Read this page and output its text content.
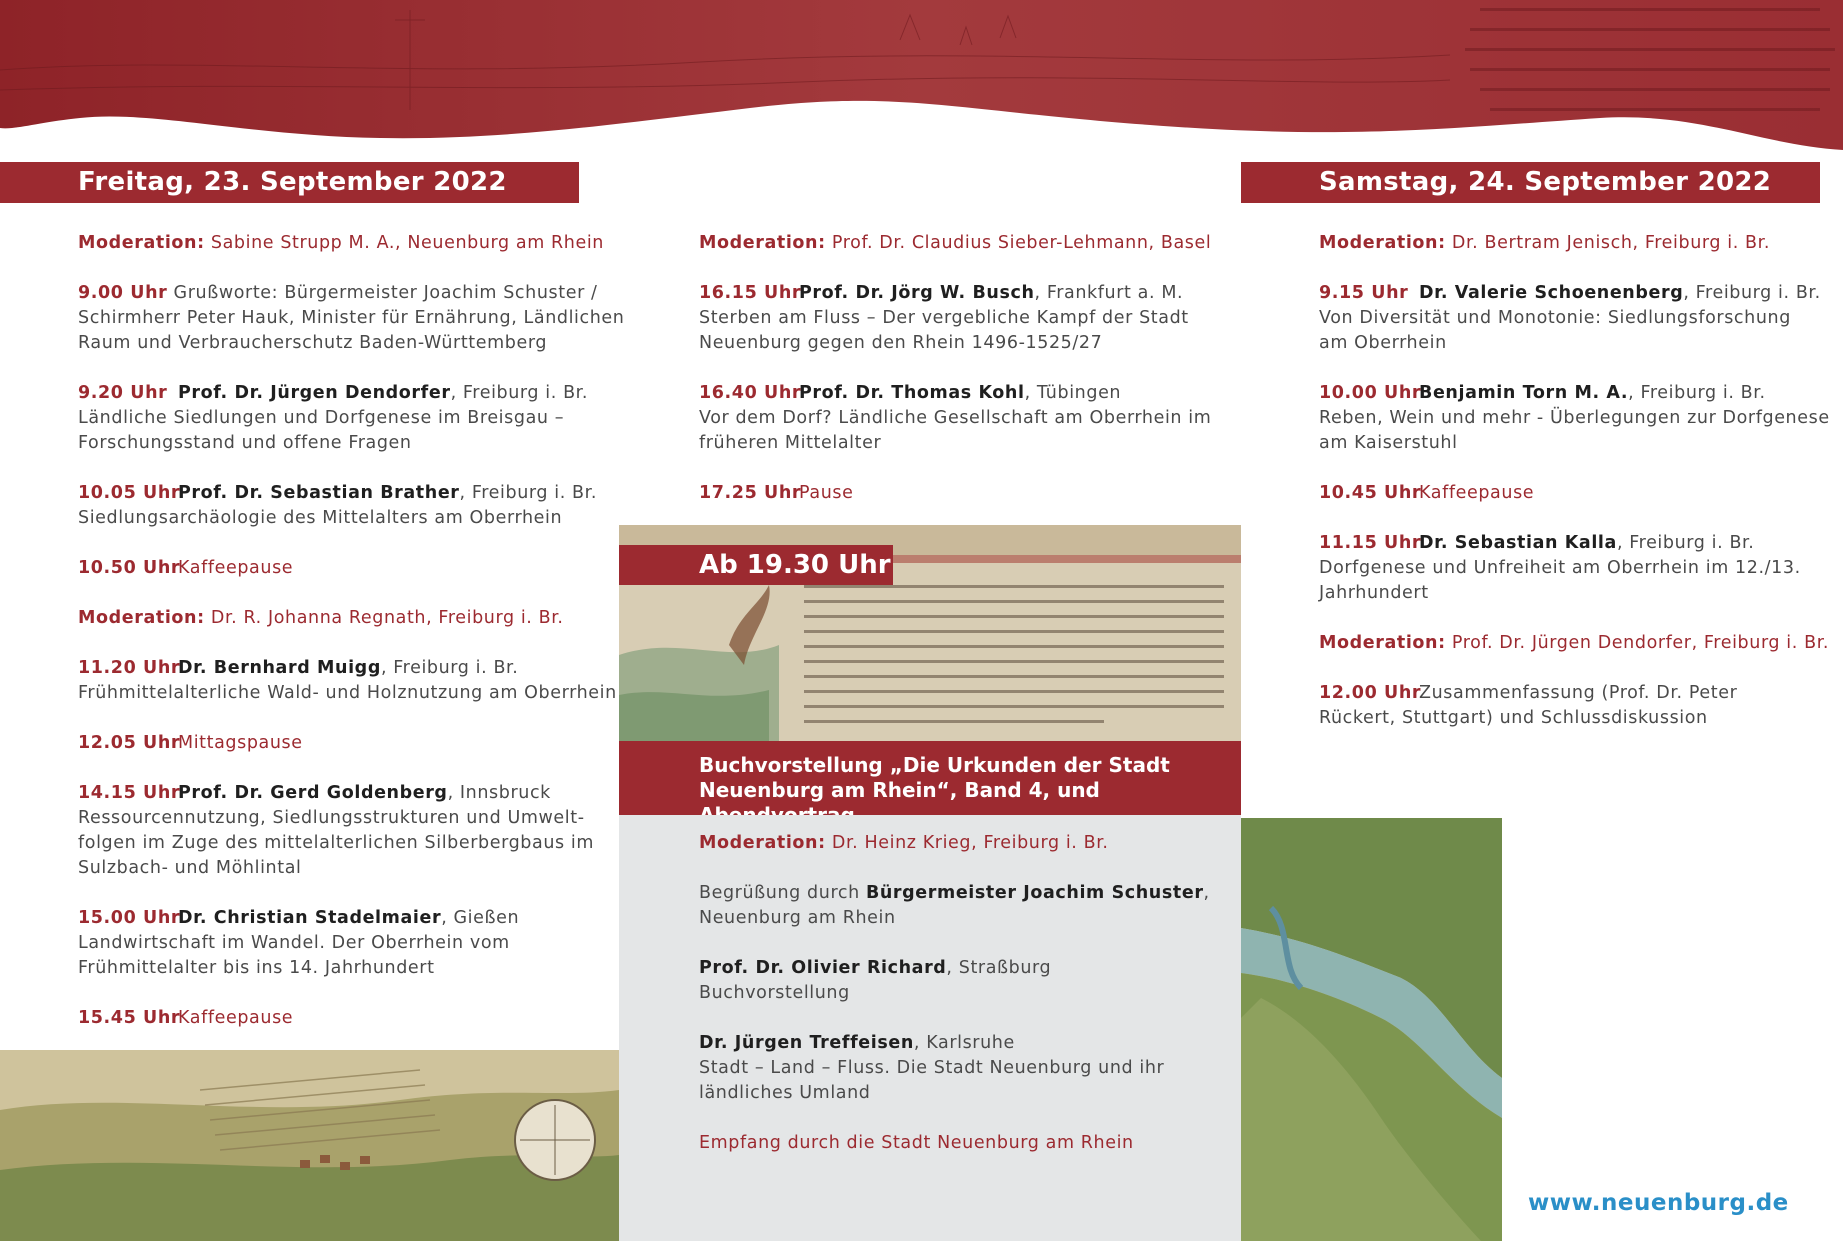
Freitag, 23. September 2022	Samstag, 24. September 2022
Moderation: Sabine Strupp M. A., Neuenburg am Rhein
9.00 Uhr Grußworte: Bürgermeister Joachim Schuster /
Schirmherr Peter Hauk, Minister für Ernährung, Ländlichen
Raum und Verbraucherschutz Baden-Württemberg
9.20 Uhr Prof. Dr. Jürgen Dendorfer, Freiburg i. Br.
Ländliche Siedlungen und Dorfgenese im Breisgau –
Forschungsstand und offene Fragen
10.05 UhrProf. Dr. Sebastian Brather, Freiburg i. Br.
Siedlungsarchäologie des Mittelalters am Oberrhein
10.50 UhrKaffeepause
Moderation: Dr. R. Johanna Regnath, Freiburg i. Br.
11.20 UhrDr. Bernhard Muigg, Freiburg i. Br.
Frühmittelalterliche Wald- und Holznutzung am Oberrhein
12.05 UhrMittagspause
14.15 UhrProf. Dr. Gerd Goldenberg, Innsbruck
Ressourcennutzung, Siedlungsstrukturen und Umwelt-
folgen im Zuge des mittelalterlichen Silberbergbaus im
Sulzbach- und Möhlintal
15.00 UhrDr. Christian Stadelmaier, Gießen
Landwirtschaft im Wandel. Der Oberrhein vom
Frühmittelalter bis ins 14. Jahrhundert
15.45 UhrKaffeepause
Moderation: Prof. Dr. Claudius Sieber-Lehmann, Basel
16.15 UhrProf. Dr. Jörg W. Busch, Frankfurt a. M.
Sterben am Fluss – Der vergebliche Kampf der Stadt
Neuenburg gegen den Rhein 1496-1525/27
16.40 UhrProf. Dr. Thomas Kohl, Tübingen
Vor dem Dorf? Ländliche Gesellschaft am Oberrhein im
früheren Mittelalter
17.25 UhrPause
Ab 19.30 Uhr
Buchvorstellung „Die Urkunden der Stadt
Neuenburg am Rhein“, Band 4, und
Moderation: Dr. Heinz Krieg, Freiburg i. Br.
Begrüßung durch Bürgermeister Joachim Schuster,
Neuenburg am Rhein
Prof. Dr. Olivier Richard, Straßburg
Buchvorstellung
Dr. Jürgen Treffeisen, Karlsruhe
Stadt – Land – Fluss. Die Stadt Neuenburg und ihr
ländliches Umland
Empfang durch die Stadt Neuenburg am Rhein
Moderation: Dr. Bertram Jenisch, Freiburg i. Br.
9.15 Uhr Dr. Valerie Schoenenberg, Freiburg i. Br.
Von Diversität und Monotonie: Siedlungsforschung
am Oberrhein
10.00 UhrBenjamin Torn M. A., Freiburg i. Br.
Reben, Wein und mehr - Überlegungen zur Dorfgenese
am Kaiserstuhl
10.45 UhrKaffeepause
11.15 UhrDr. Sebastian Kalla, Freiburg i. Br.
Dorfgenese und Unfreiheit am Oberrhein im 12./13.
Jahrhundert
Moderation: Prof. Dr. Jürgen Dendorfer, Freiburg i. Br.
12.00 UhrZusammenfassung (Prof. Dr. Peter
Rückert, Stuttgart) und Schlussdiskussion
www.neuenburg.de
